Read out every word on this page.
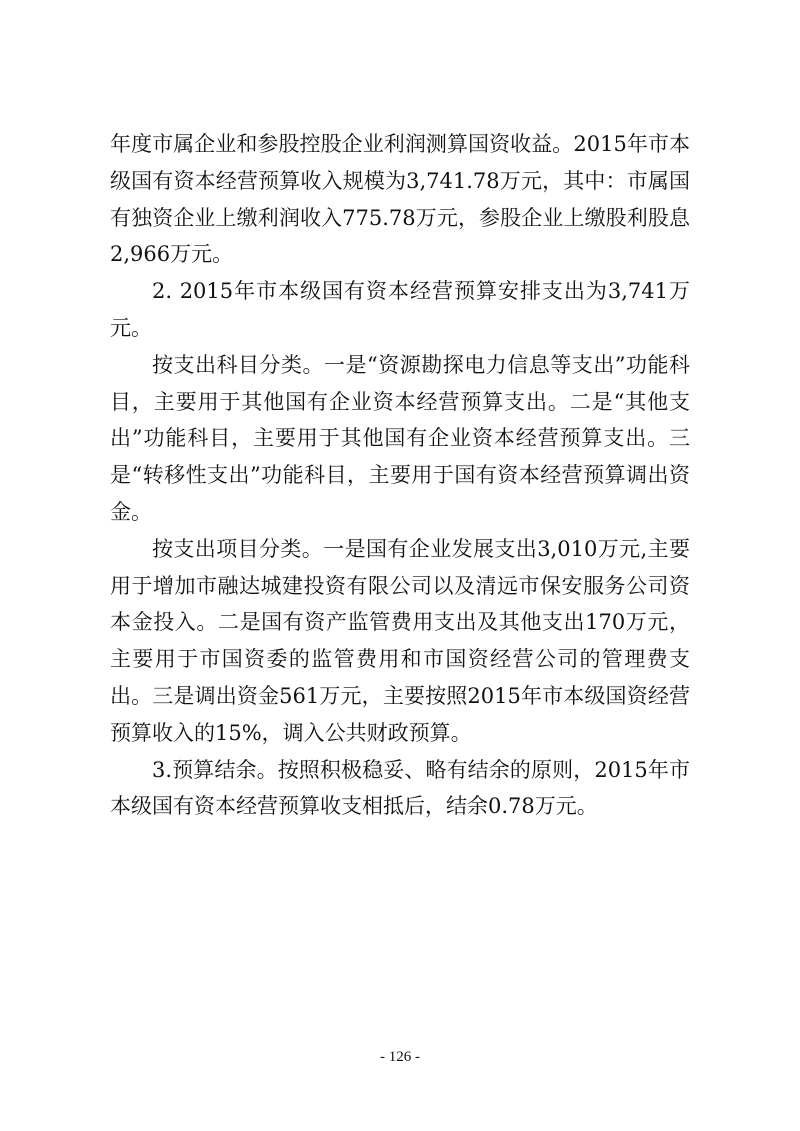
年度市属企业和参股控股企业利润测算国资收益。2015年市本级国有资本经营预算收入规模为3,741.78万元，其中：市属国有独资企业上缴利润收入775.78万元，参股企业上缴股利股息2,966万元。

2. 2015年市本级国有资本经营预算安排支出为3,741万元。

按支出科目分类。一是“资源勘探电力信息等支出”功能科目，主要用于其他国有企业资本经营预算支出。二是“其他支出”功能科目，主要用于其他国有企业资本经营预算支出。三是“转移性支出”功能科目，主要用于国有资本经营预算调出资金。

按支出项目分类。一是国有企业发展支出3,010万元,主要用于增加市融达城建投资有限公司以及清远市保安服务公司资本金投入。二是国有资产监管费用支出及其他支出170万元，主要用于市国资委的监管费用和市国资经营公司的管理费支出。三是调出资金561万元，主要按照2015年市本级国资经营预算收入的15%，调入公共财政预算。

3.预算结余。按照积极稳妥、略有结余的原则，2015年市本级国有资本经营预算收支相抵后，结余0.78万元。

- 126 -
